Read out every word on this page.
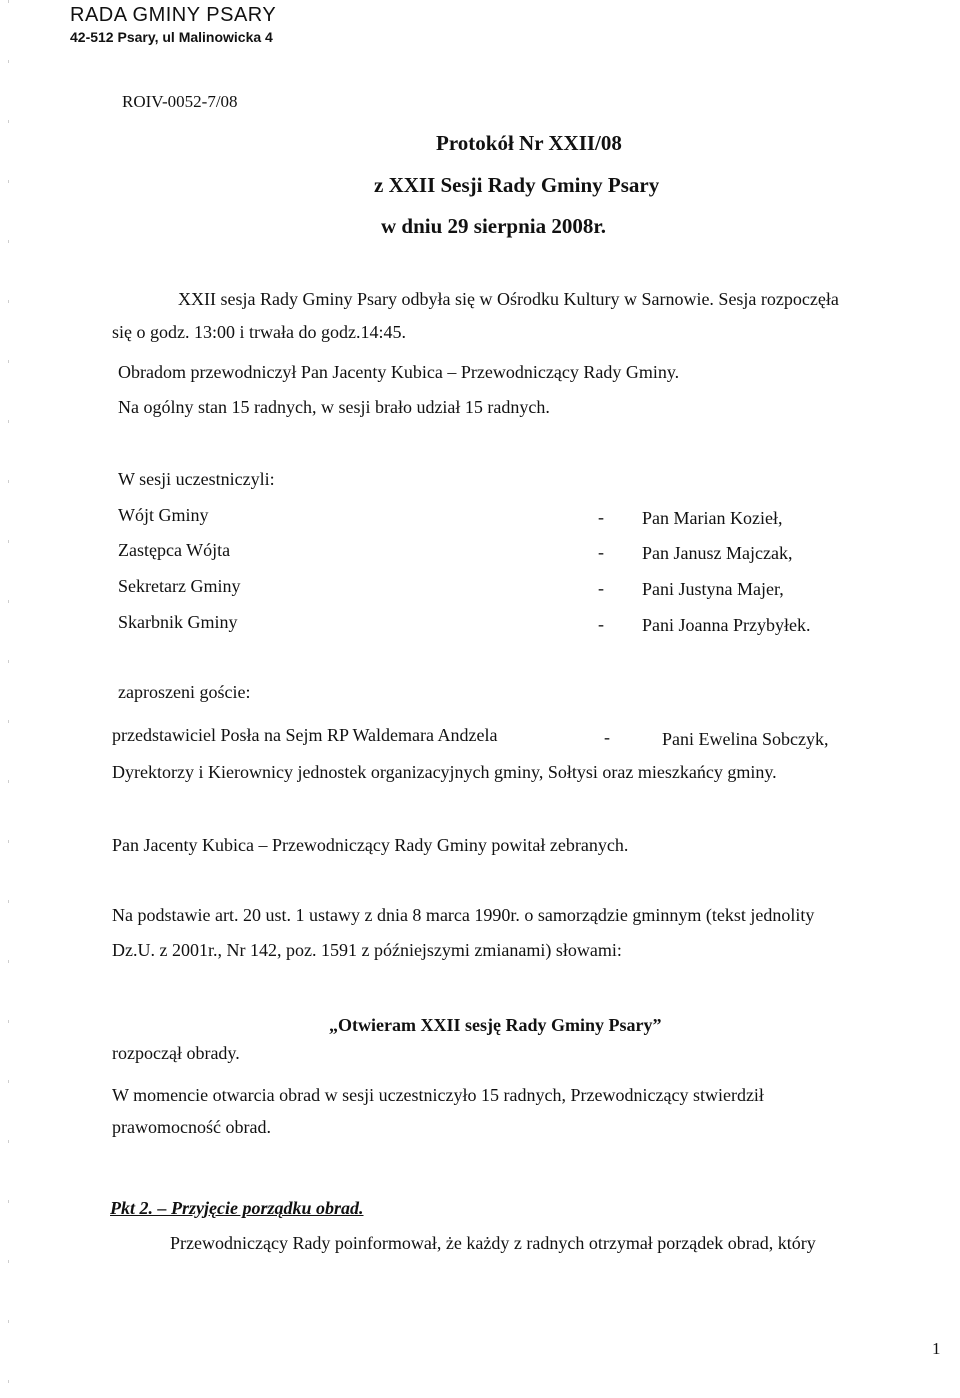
RADA GMINY PSARY
42-512 Psary, ul Malinowicka 4
ROIV-0052-7/08
Protokół Nr XXII/08
z XXII Sesji Rady Gminy Psary
w dniu 29 sierpnia 2008r.
XXII sesja Rady Gminy Psary odbyła się w Ośrodku Kultury w Sarnowie. Sesja rozpoczęła
się o godz. 13:00 i trwała do godz.14:45.
Obradom przewodniczył Pan Jacenty Kubica – Przewodniczący Rady Gminy.
Na ogólny stan 15 radnych, w sesji brało udział 15 radnych.
W sesji uczestniczyli:
Wójt Gminy	- Pan Marian Kozieł,
Zastępca Wójta	- Pan Janusz Majczak,
Sekretarz Gminy	- Pani Justyna Majer,
Skarbnik Gminy	- Pani Joanna Przybyłek.
zaproszeni goście:
przedstawiciel Posła na Sejm RP Waldemara Andzela	-	Pani Ewelina Sobczyk,
Dyrektorzy i Kierownicy jednostek organizacyjnych gminy, Sołtysi oraz mieszkańcy gminy.
Pan Jacenty Kubica – Przewodniczący Rady Gminy powitał zebranych.
Na podstawie art. 20 ust. 1 ustawy z dnia 8 marca 1990r. o samorządzie gminnym (tekst jednolity
Dz.U. z 2001r., Nr 142, poz. 1591 z późniejszymi zmianami) słowami:
„Otwieram XXII sesję Rady Gminy Psary”
rozpoczął obrady.
W momencie otwarcia obrad w sesji uczestniczyło 15 radnych, Przewodniczący stwierdził
prawomocność obrad.
Pkt 2. – Przyjęcie porządku obrad.
Przewodniczący Rady poinformował, że każdy z radnych otrzymał porządek obrad, który
1
